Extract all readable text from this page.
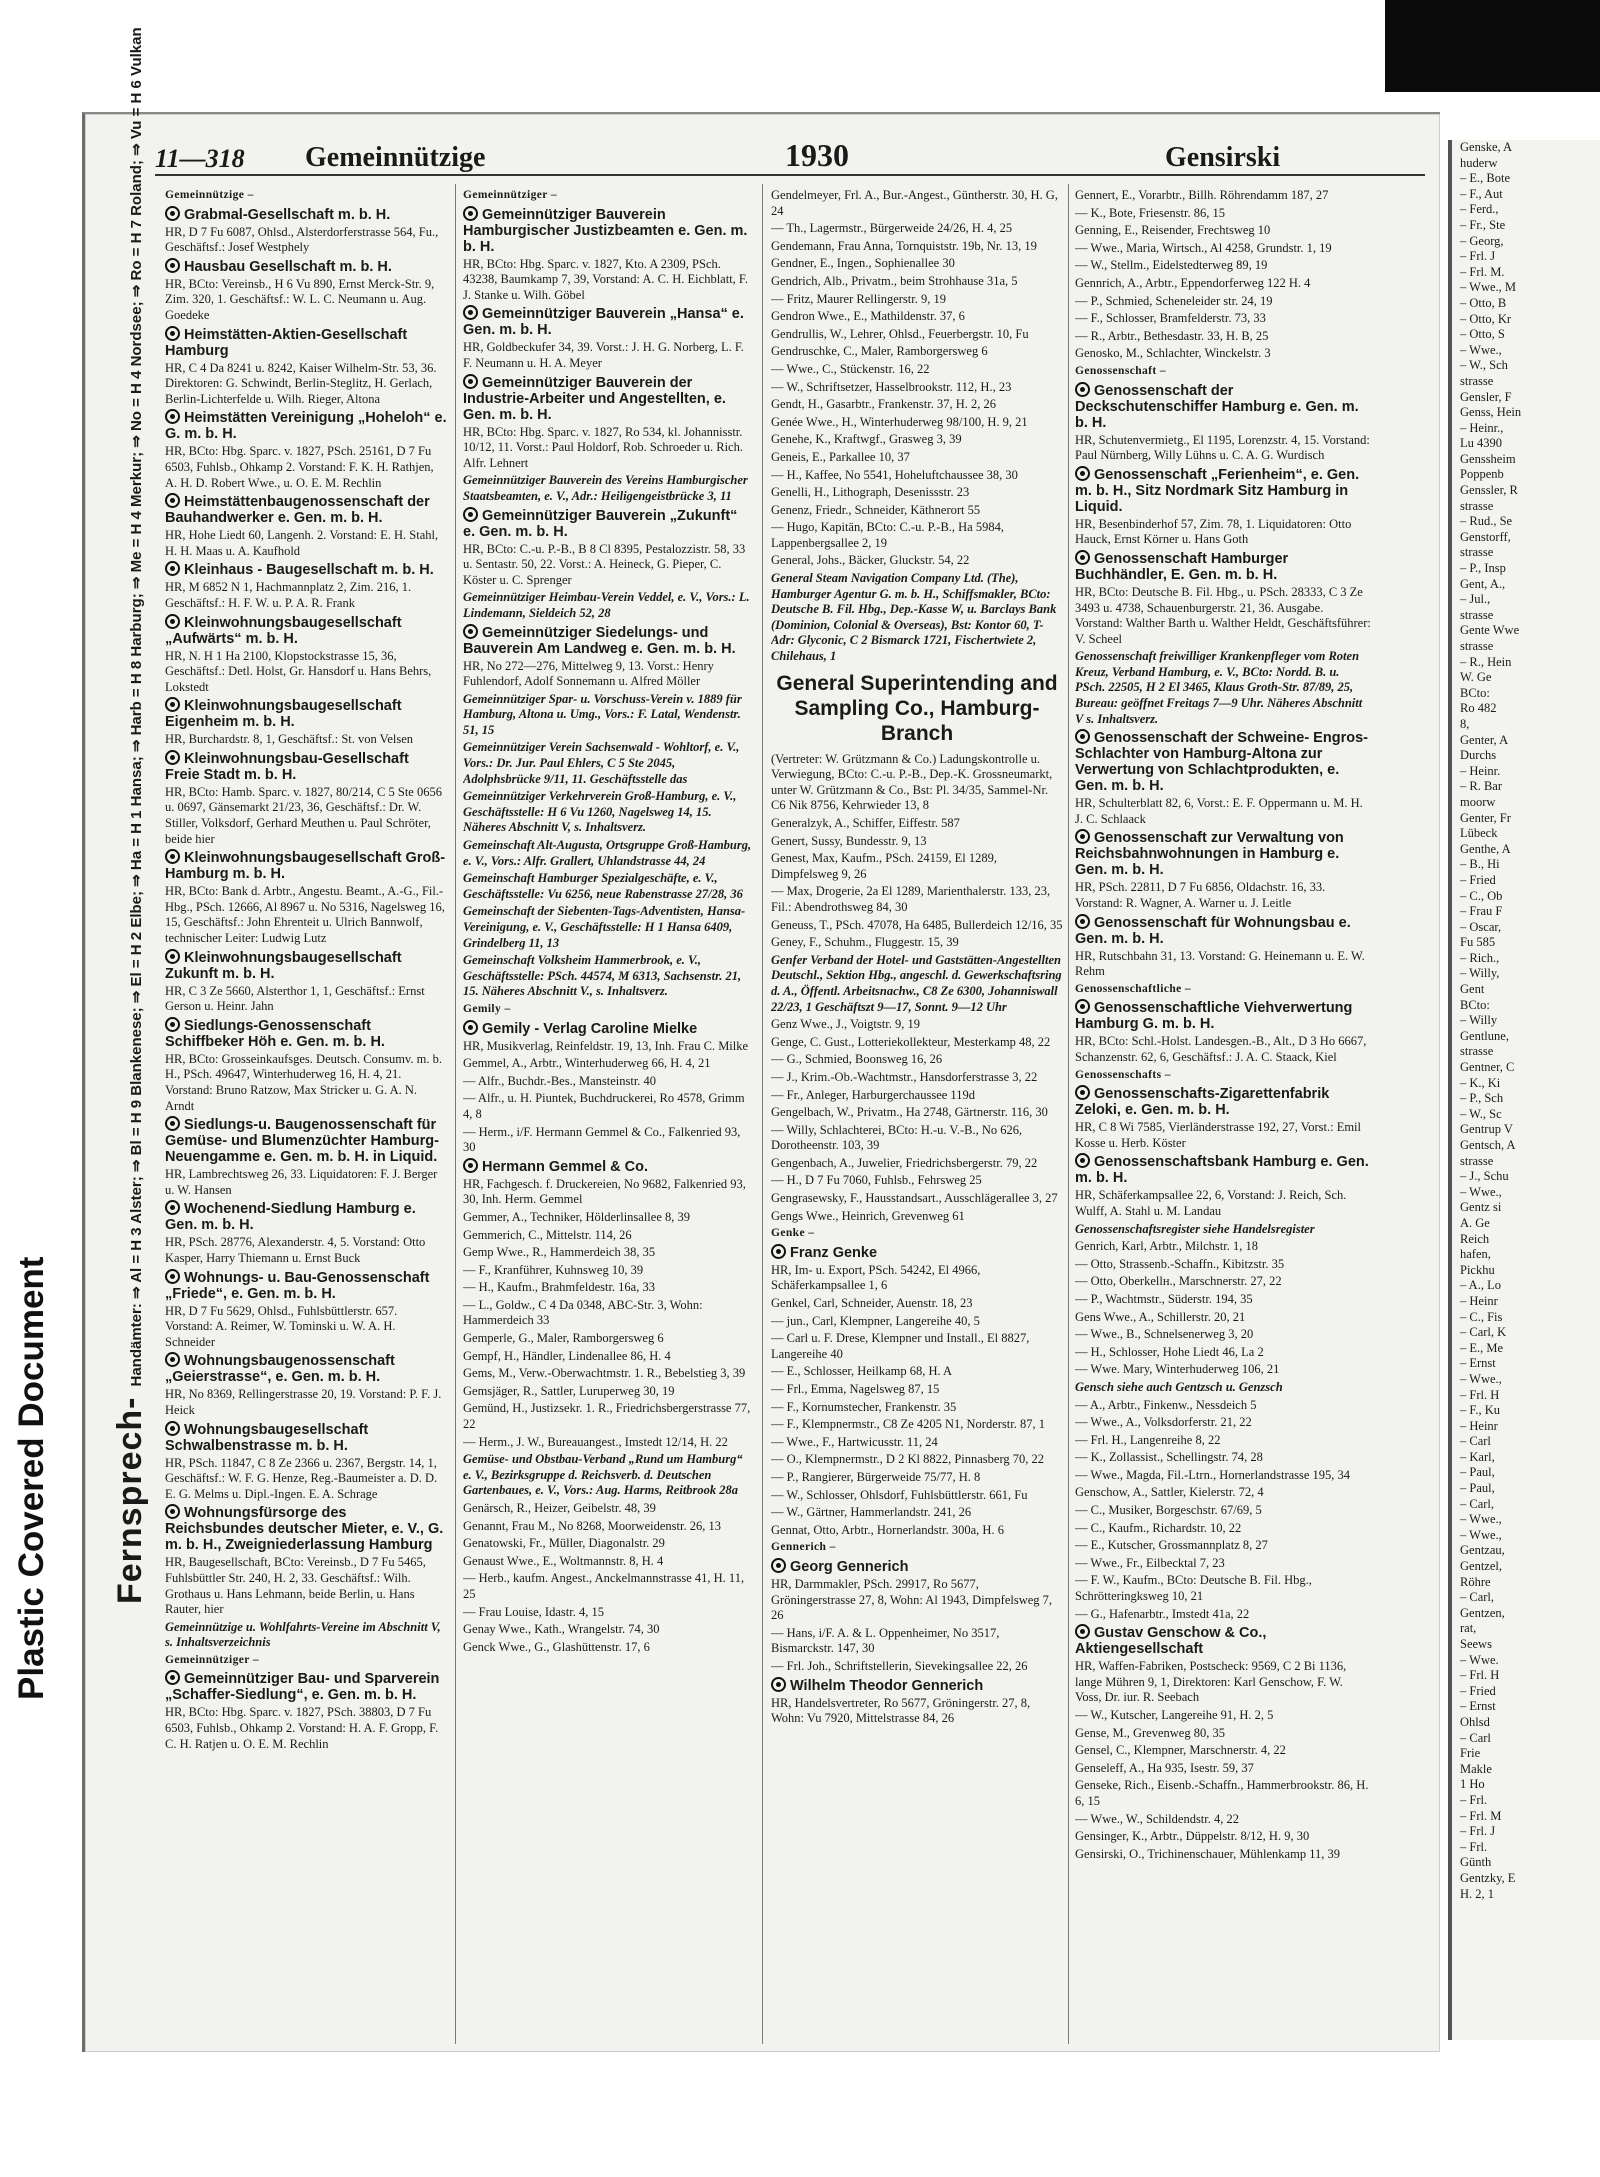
Plastic Covered Document
Genske, A
huderw
– E., Bote
– F., Aut
– Ferd.,
– Fr., Ste
– Georg,
– Frl. J
– Frl. M.
– Wwe., M
– Otto, B
– Otto, Kr
– Otto, S
– Wwe.,
– W., Sch
strasse
Gensler, F
Genss, Hein
– Heinr.,
Lu 4390
Genssheim
Poppenb
Genssler, R
strasse
– Rud., Se
Genstorff,
strasse
– P., Insp
Gent, A.,
– Jul.,
strasse
Gente Wwe
strasse
– R., Hein
W. Ge
BCto:
Ro 482
8,
Genter, A
Durchs
– Heinr.
– R. Bar
moorw
Genter, Fr
Lübeck
Genthe, A
– B., Hi
– Fried
– C., Ob
– Frau F
– Oscar,
Fu 585
– Rich.,
– Willy,
Gent
BCto:
– Willy
Gentlune,
strasse
Gentner, C
– K., Ki
– P., Sch
– W., Sc
Gentrup V
Gentsch, A
strasse
– J., Schu
– Wwe.,
Gentz si
A. Ge
Reich
hafen,
Pickhu
– A., Lo
– Heinr
– C., Fis
– Carl, K
– E., Me
– Ernst
– Wwe.,
– Frl. H
– F., Ku
– Heinr
– Carl
– Karl,
– Paul,
– Paul,
– Carl,
– Wwe.,
– Wwe.,
Gentzau,
Gentzel,
Röhre
– Carl,
Gentzen,
rat,
Seews
– Wwe.
– Frl. H
– Fried
– Ernst
Ohlsd
– Carl
Frie
Makle
1 Ho
– Frl.
– Frl. M
– Frl. J
– Frl.
Günth
Gentzky, E
H. 2, 1
11—318	Gemeinnützige	1930	Gensirski
Fernsprech-Handämter: ⇒ Al = H 3 Alster; ⇒ Bl = H 9 Blankenese; ⇒ El = H 2 Elbe; ⇒ Ha = H 1 Hansa; ⇒ Harb = H 8 Harburg; ⇒ Me = H 4 Merkur; ⇒ No = H 4 Nordsee; ⇒ Ro = H 7 Roland; ⇒ Vu = H 6 Vulkan	Gemeinnützige –
Grabmal-Gesellschaft m. b. H.
HR, D 7 Fu 6087, Ohlsd., Alsterdorferstrasse 564, Fu., Geschäftsf.: Josef Westphely
Hausbau Gesellschaft m. b. H.
HR, BCto: Vereinsb., H 6 Vu 890, Ernst Merck-Str. 9, Zim. 320, 1. Geschäftsf.: W. L. C. Neumann u. Aug. Goedeke
Heimstätten-Aktien-Gesellschaft Hamburg
HR, C 4 Da 8241 u. 8242, Kaiser Wilhelm-Str. 53, 36. Direktoren: G. Schwindt, Berlin-Steglitz, H. Gerlach, Berlin-Lichterfelde u. Wilh. Rieger, Altona
Heimstätten Vereinigung „Hoheloh“ e. G. m. b. H.
HR, BCto: Hbg. Sparc. v. 1827, PSch. 25161, D 7 Fu 6503, Fuhlsb., Ohkamp 2. Vorstand: F. K. H. Rathjen, A. H. D. Robert Wwe., u. O. E. M. Rechlin
Heimstättenbaugenossenschaft der Bauhandwerker e. Gen. m. b. H.
HR, Hohe Liedt 60, Langenh. 2. Vorstand: E. H. Stahl, H. H. Maas u. A. Kaufhold
Kleinhaus - Baugesellschaft m. b. H.
HR, M 6852 N 1, Hachmannplatz 2, Zim. 216, 1. Geschäftsf.: H. F. W. u. P. A. R. Frank
Kleinwohnungsbaugesellschaft „Aufwärts“ m. b. H.
HR, N. H 1 Ha 2100, Klopstockstrasse 15, 36, Geschäftsf.: Detl. Holst, Gr. Hansdorf u. Hans Behrs, Lokstedt
Kleinwohnungsbaugesellschaft Eigenheim m. b. H.
HR, Burchardstr. 8, 1, Geschäftsf.: St. von Velsen
Kleinwohnungsbau-Gesellschaft Freie Stadt m. b. H.
HR, BCto: Hamb. Sparc. v. 1827, 80/214, C 5 Ste 0656 u. 0697, Gänsemarkt 21/23, 36, Geschäftsf.: Dr. W. Stiller, Volksdorf, Gerhard Meuthen u. Paul Schröter, beide hier
Kleinwohnungsbaugesellschaft Groß-Hamburg m. b. H.
HR, BCto: Bank d. Arbtr., Angestu. Beamt., A.-G., Fil.-Hbg., PSch. 12666, Al 8967 u. No 5316, Nagelsweg 16, 15, Geschäftsf.: John Ehrenteit u. Ulrich Bannwolf, technischer Leiter: Ludwig Lutz
Kleinwohnungsbaugesellschaft Zukunft m. b. H.
HR, C 3 Ze 5660, Alsterthor 1, 1, Geschäftsf.: Ernst Gerson u. Heinr. Jahn
Siedlungs-Genossenschaft Schiffbeker Höh e. Gen. m. b. H.
HR, BCto: Grosseinkaufsges. Deutsch. Consumv. m. b. H., PSch. 49647, Winterhuderweg 16, H. 4, 21. Vorstand: Bruno Ratzow, Max Stricker u. G. A. N. Arndt
Siedlungs-u. Baugenossenschaft für Gemüse- und Blumenzüchter Hamburg-Neuengamme e. Gen. m. b. H. in Liquid.
HR, Lambrechtsweg 26, 33. Liquidatoren: F. J. Berger u. W. Hansen
Wochenend-Siedlung Hamburg e. Gen. m. b. H.
HR, PSch. 28776, Alexanderstr. 4, 5. Vorstand: Otto Kasper, Harry Thiemann u. Ernst Buck
Wohnungs- u. Bau-Genossenschaft „Friede“, e. Gen. m. b. H.
HR, D 7 Fu 5629, Ohlsd., Fuhlsbüttlerstr. 657. Vorstand: A. Reimer, W. Tominski u. W. A. H. Schneider
Wohnungsbaugenossenschaft „Geierstrasse“, e. Gen. m. b. H.
HR, No 8369, Rellingerstrasse 20, 19. Vorstand: P. F. J. Heick
Wohnungsbaugesellschaft Schwalbenstrasse m. b. H.
HR, PSch. 11847, C 8 Ze 2366 u. 2367, Bergstr. 14, 1, Geschäftsf.: W. F. G. Henze, Reg.-Baumeister a. D. D. E. G. Melms u. Dipl.-Ingen. E. A. Schrage
Wohnungsfürsorge des Reichsbundes deutscher Mieter, e. V., G. m. b. H., Zweigniederlassung Hamburg
HR, Baugesellschaft, BCto: Vereinsb., D 7 Fu 5465, Fuhlsbüttler Str. 240, H. 2, 33. Geschäftsf.: Wilh. Grothaus u. Hans Lehmann, beide Berlin, u. Hans Rauter, hier
Gemeinnützige u. Wohlfahrts-Vereine im Abschnitt V, s. Inhaltsverzeichnis
Gemeinnütziger –
Gemeinnütziger Bau- und Sparverein „Schaffer-Siedlung“, e. Gen. m. b. H.
HR, BCto: Hbg. Sparc. v. 1827, PSch. 38803, D 7 Fu 6503, Fuhlsb., Ohkamp 2. Vorstand: H. A. F. Gropp, F. C. H. Ratjen u. O. E. M. Rechlin
Gemeinnütziger –
Gemeinnütziger Bauverein Hamburgischer Justizbeamten e. Gen. m. b. H.
HR, BCto: Hbg. Sparc. v. 1827, Kto. A 2309, PSch. 43238, Baumkamp 7, 39, Vorstand: A. C. H. Eichblatt, F. J. Stanke u. Wilh. Göbel
Gemeinnütziger Bauverein „Hansa“ e. Gen. m. b. H.
HR, Goldbeckufer 34, 39. Vorst.: J. H. G. Norberg, L. F. F. Neumann u. H. A. Meyer
Gemeinnütziger Bauverein der Industrie-Arbeiter und Angestellten, e. Gen. m. b. H.
HR, BCto: Hbg. Sparc. v. 1827, Ro 534, kl. Johannisstr. 10/12, 11. Vorst.: Paul Holdorf, Rob. Schroeder u. Rich. Alfr. Lehnert
Gemeinnütziger Bauverein des Vereins Hamburgischer Staatsbeamten, e. V., Adr.: Heiligengeistbrücke 3, 11
Gemeinnütziger Bauverein „Zukunft“ e. Gen. m. b. H.
HR, BCto: C.-u. P.-B., B 8 Cl 8395, Pestalozzistr. 58, 33 u. Sentastr. 50, 22. Vorst.: A. Heineck, G. Pieper, C. Köster u. C. Sprenger
Gemeinnütziger Heimbau-Verein Veddel, e. V., Vors.: L. Lindemann, Sieldeich 52, 28
Gemeinnütziger Siedelungs- und Bauverein Am Landweg e. Gen. m. b. H.
HR, No 272—276, Mittelweg 9, 13. Vorst.: Henry Fuhlendorf, Adolf Sonnemann u. Alfred Möller
Gemeinnütziger Spar- u. Vorschuss-Verein v. 1889 für Hamburg, Altona u. Umg., Vors.: F. Latal, Wendenstr. 51, 15
Gemeinnütziger Verein Sachsenwald - Wohltorf, e. V., Vors.: Dr. Jur. Paul Ehlers, C 5 Ste 2045, Adolphsbrücke 9/11, 11. Geschäftsstelle das
Gemeinnütziger Verkehrverein Groß-Hamburg, e. V., Geschäftsstelle: H 6 Vu 1260, Nagelsweg 14, 15. Näheres Abschnitt V, s. Inhaltsverz.
Gemeinschaft Alt-Augusta, Ortsgruppe Groß-Hamburg, e. V., Vors.: Alfr. Grallert, Uhlandstrasse 44, 24
Gemeinschaft Hamburger Spezialgeschäfte, e. V., Geschäftsstelle: Vu 6256, neue Rabenstrasse 27/28, 36
Gemeinschaft der Siebenten-Tags-Adventisten, Hansa-Vereinigung, e. V., Geschäftsstelle: H 1 Hansa 6409, Grindelberg 11, 13
Gemeinschaft Volksheim Hammerbrook, e. V., Geschäftsstelle: PSch. 44574, M 6313, Sachsenstr. 21, 15. Näheres Abschnitt V., s. Inhaltsverz.
Gemily –
Gemily - Verlag Caroline Mielke
HR, Musikverlag, Reinfeldstr. 19, 13, Inh. Frau C. Milke
Gemmel, A., Arbtr., Winterhuderweg 66, H. 4, 21
— Alfr., Buchdr.-Bes., Mansteinstr. 40
— Alfr., u. H. Piuntek, Buchdruckerei, Ro 4578, Grimm 4, 8
— Herm., i/F. Hermann Gemmel & Co., Falkenried 93, 30
Hermann Gemmel & Co.
HR, Fachgesch. f. Druckereien, No 9682, Falkenried 93, 30, Inh. Herm. Gemmel
Gemmer, A., Techniker, Hölderlinsallee 8, 39
Gemmerich, C., Mittelstr. 114, 26
Gemp Wwe., R., Hammerdeich 38, 35
— F., Kranführer, Kuhnsweg 10, 39
— H., Kaufm., Brahmfeldestr. 16a, 33
— L., Goldw., C 4 Da 0348, ABC-Str. 3, Wohn: Hammerdeich 33
Gemperle, G., Maler, Ramborgersweg 6
Gempf, H., Händler, Lindenallee 86, H. 4
Gems, M., Verw.-Oberwachtmstr. 1. R., Bebelstieg 3, 39
Gemsjäger, R., Sattler, Luruperweg 30, 19
Gemünd, H., Justizsekr. 1. R., Friedrichsbergerstrasse 77, 22
— Herm., J. W., Bureauangest., Imstedt 12/14, H. 22
Gemüse- und Obstbau-Verband „Rund um Hamburg“ e. V., Bezirksgruppe d. Reichsverb. d. Deutschen Gartenbaues, e. V., Vors.: Aug. Harms, Reitbrook 28a
Genärsch, R., Heizer, Geibelstr. 48, 39
Genannt, Frau M., No 8268, Moorweidenstr. 26, 13
Genatowski, Fr., Müller, Diagonalstr. 29
Genaust Wwe., E., Woltmannstr. 8, H. 4
— Herb., kaufm. Angest., Anckelmannstrasse 41, H. 11, 25
— Frau Louise, Idastr. 4, 15
Genay Wwe., Kath., Wrangelstr. 74, 30
Genck Wwe., G., Glashüttenstr. 17, 6
Gendelmeyer, Frl. A., Bur.-Angest., Güntherstr. 30, H. G, 24
— Th., Lagermstr., Bürgerweide 24/26, H. 4, 25
Gendemann, Frau Anna, Tornquiststr. 19b, Nr. 13, 19
Gendner, E., Ingen., Sophienallee 30
Gendrich, Alb., Privatm., beim Strohhause 31a, 5
— Fritz, Maurer Rellingerstr. 9, 19
Gendron Wwe., E., Mathildenstr. 37, 6
Gendrullis, W., Lehrer, Ohlsd., Feuerbergstr. 10, Fu
Gendruschke, C., Maler, Ramborgersweg 6
— Wwe., C., Stückenstr. 16, 22
— W., Schriftsetzer, Hasselbrookstr. 112, H., 23
Gendt, H., Gasarbtr., Frankenstr. 37, H. 2, 26
Genée Wwe., H., Winterhuderweg 98/100, H. 9, 21
Genehe, K., Kraftwgf., Grasweg 3, 39
Geneis, E., Parkallee 10, 37
— H., Kaffee, No 5541, Hoheluftchaussee 38, 30
Genelli, H., Lithograph, Desenissstr. 23
Genenz, Friedr., Schneider, Käthnerort 55
— Hugo, Kapitän, BCto: C.-u. P.-B., Ha 5984, Lappenbergsallee 2, 19
General, Johs., Bäcker, Gluckstr. 54, 22
General Steam Navigation Company Ltd. (The), Hamburger Agentur G. m. b. H., Schiffsmakler, BCto: Deutsche B. Fil. Hbg., Dep.-Kasse W, u. Barclays Bank (Dominion, Colonial & Overseas), Bst: Kontor 60, T-Adr: Glyconic, C 2 Bismarck 1721, Fischertwiete 2, Chilehaus, 1
General Superintending and Sampling Co., Hamburg-Branch
(Vertreter: W. Grützmann & Co.) Ladungskontrolle u. Verwiegung, BCto: C.-u. P.-B., Dep.-K. Grossneumarkt, unter W. Grützmann & Co., Bst: Pl. 34/35, Sammel-Nr. C6 Nik 8756, Kehrwieder 13, 8
Generalzyk, A., Schiffer, Eiffestr. 587
Genert, Sussy, Bundesstr. 9, 13
Genest, Max, Kaufm., PSch. 24159, El 1289, Dimpfelsweg 9, 26
— Max, Drogerie, 2a El 1289, Marienthalerstr. 133, 23, Fil.: Abendrothsweg 84, 30
Geneuss, T., PSch. 47078, Ha 6485, Bullerdeich 12/16, 35
Geney, F., Schuhm., Fluggestr. 15, 39
Genfer Verband der Hotel- und Gaststätten-Angestellten Deutschl., Sektion Hbg., angeschl. d. Gewerkschaftsring d. A., Öffentl. Arbeitsnachw., C8 Ze 6300, Johanniswall 22/23, 1 Geschäftszt 9—17, Sonnt. 9—12 Uhr
Genz Wwe., J., Voigtstr. 9, 19
Genge, C. Gust., Lotteriekollekteur, Mesterkamp 48, 22
— G., Schmied, Boonsweg 16, 26
— J., Krim.-Ob.-Wachtmstr., Hansdorferstrasse 3, 22
— Fr., Anleger, Harburgerchaussee 119d
Gengelbach, W., Privatm., Ha 2748, Gärtnerstr. 116, 30
— Willy, Schlachterei, BCto: H.-u. V.-B., No 626, Dorotheenstr. 103, 39
Gengenbach, A., Juwelier, Friedrichsbergerstr. 79, 22
— H., D 7 Fu 7060, Fuhlsb., Fehrsweg 25
Gengrasewsky, F., Hausstandsart., Ausschlägerallee 3, 27
Gengs Wwe., Heinrich, Grevenweg 61
Genke –
Franz Genke
HR, Im- u. Export, PSch. 54242, El 4966, Schäferkampsallee 1, 6
Genkel, Carl, Schneider, Auenstr. 18, 23
— jun., Carl, Klempner, Langereihe 40, 5
— Carl u. F. Drese, Klempner und Install., El 8827, Langereihe 40
— E., Schlosser, Heilkamp 68, H. A
— Frl., Emma, Nagelsweg 87, 15
— F., Kornumstecher, Frankenstr. 35
— F., Klempnermstr., C8 Ze 4205 N1, Norderstr. 87, 1
— Wwe., F., Hartwicusstr. 11, 24
— O., Klempnermstr., D 2 Kl 8822, Pinnasberg 70, 22
— P., Rangierer, Bürgerweide 75/77, H. 8
— W., Schlosser, Ohlsdorf, Fuhlsbüttlerstr. 661, Fu
— W., Gärtner, Hammerlandstr. 241, 26
Gennat, Otto, Arbtr., Hornerlandstr. 300a, H. 6
Gennerich –
Georg Gennerich
HR, Darmmakler, PSch. 29917, Ro 5677, Gröningerstrasse 27, 8, Wohn: Al 1943, Dimpfelsweg 7, 26
— Hans, i/F. A. & L. Oppenheimer, No 3517, Bismarckstr. 147, 30
— Frl. Joh., Schriftstellerin, Sievekingsallee 22, 26
Wilhelm Theodor Gennerich
HR, Handelsvertreter, Ro 5677, Gröningerstr. 27, 8, Wohn: Vu 7920, Mittelstrasse 84, 26
Gennert, E., Vorarbtr., Billh. Röhrendamm 187, 27
— K., Bote, Friesenstr. 86, 15
Genning, E., Reisender, Frechtsweg 10
— Wwe., Maria, Wirtsch., Al 4258, Grundstr. 1, 19
— W., Stellm., Eidelstedterweg 89, 19
Gennrich, A., Arbtr., Eppendorferweg 122 H. 4
— P., Schmied, Scheneleider str. 24, 19
— F., Schlosser, Bramfelderstr. 73, 33
— R., Arbtr., Bethesdastr. 33, H. B, 25
Genosko, M., Schlachter, Winckelstr. 3
Genossenschaft –
Genossenschaft der Deckschutenschiffer Hamburg e. Gen. m. b. H.
HR, Schutenvermietg., El 1195, Lorenzstr. 4, 15. Vorstand: Paul Nürnberg, Willy Lühns u. C. A. G. Wurdisch
Genossenschaft „Ferienheim“, e. Gen. m. b. H., Sitz Nordmark Sitz Hamburg in Liquid.
HR, Besenbinderhof 57, Zim. 78, 1. Liquidatoren: Otto Hauck, Ernst Körner u. Hans Goth
Genossenschaft Hamburger Buchhändler, E. Gen. m. b. H.
HR, BCto: Deutsche B. Fil. Hbg., u. PSch. 28333, C 3 Ze 3493 u. 4738, Schauenburgerstr. 21, 36. Ausgabe. Vorstand: Walther Barth u. Walther Heldt, Geschäftsführer: V. Scheel
Genossenschaft freiwilliger Krankenpfleger vom Roten Kreuz, Verband Hamburg, e. V., BCto: Nordd. B. u. PSch. 22505, H 2 El 3465, Klaus Groth-Str. 87/89, 25, Bureau: geöffnet Freitags 7—9 Uhr. Näheres Abschnitt V s. Inhaltsverz.
Genossenschaft der Schweine- Engros- Schlachter von Hamburg-Altona zur Verwertung von Schlachtprodukten, e. Gen. m. b. H.
HR, Schulterblatt 82, 6, Vorst.: E. F. Oppermann u. M. H. J. C. Schlaack
Genossenschaft zur Verwaltung von Reichsbahnwohnungen in Hamburg e. Gen. m. b. H.
HR, PSch. 22811, D 7 Fu 6856, Oldachstr. 16, 33. Vorstand: R. Wagner, A. Warner u. J. Leitle
Genossenschaft für Wohnungsbau e. Gen. m. b. H.
HR, Rutschbahn 31, 13. Vorstand: G. Heinemann u. E. W. Rehm
Genossenschaftliche –
Genossenschaftliche Viehverwertung Hamburg G. m. b. H.
HR, BCto: Schl.-Holst. Landesgen.-B., Alt., D 3 Ho 6667, Schanzenstr. 62, 6, Geschäftsf.: J. A. C. Staack, Kiel
Genossenschafts –
Genossenschafts-Zigarettenfabrik Zeloki, e. Gen. m. b. H.
HR, C 8 Wi 7585, Vierländerstrasse 192, 27, Vorst.: Emil Kosse u. Herb. Köster
Genossenschaftsbank Hamburg e. Gen. m. b. H.
HR, Schäferkampsallee 22, 6, Vorstand: J. Reich, Sch. Wulff, A. Stahl u. M. Landau
Genossenschaftsregister siehe Handelsregister
Genrich, Karl, Arbtr., Milchstr. 1, 18
— Otto, Strassenb.-Schaffn., Kibitzstr. 35
— Otto, Oberkellн., Marschnerstr. 27, 22
— P., Wachtmstr., Süderstr. 194, 35
Gens Wwe., A., Schillerstr. 20, 21
— Wwe., B., Schnelsenerweg 3, 20
— H., Schlosser, Hohe Liedt 46, La 2
— Wwe. Mary, Winterhuderweg 106, 21
Gensch siehe auch Gentzsch u. Genzsch
— A., Arbtr., Finkenw., Nessdeich 5
— Wwe., A., Volksdorferstr. 21, 22
— Frl. H., Langenreihe 8, 22
— K., Zollassist., Schellingstr. 74, 28
— Wwe., Magda, Fil.-Ltrn., Hornerlandstrasse 195, 34
Genschow, A., Sattler, Kielerstr. 72, 4
— C., Musiker, Borgeschstr. 67/69, 5
— C., Kaufm., Richardstr. 10, 22
— E., Kutscher, Grossmannplatz 8, 27
— Wwe., Fr., Eilbecktal 7, 23
— F. W., Kaufm., BCto: Deutsche B. Fil. Hbg., Schrötteringksweg 10, 21
— G., Hafenarbtr., Imstedt 41a, 22
Gustav Genschow & Co., Aktiengesellschaft
HR, Waffen-Fabriken, Postscheck: 9569, C 2 Bi 1136, lange Mühren 9, 1, Direktoren: Karl Genschow, F. W. Voss, Dr. iur. R. Seebach
— W., Kutscher, Langereihe 91, H. 2, 5
Gense, M., Grevenweg 80, 35
Gensel, C., Klempner, Marschnerstr. 4, 22
Genseleff, A., Ha 935, Isestr. 59, 37
Genseke, Rich., Eisenb.-Schaffn., Hammerbrookstr. 86, H. 6, 15
— Wwe., W., Schildendstr. 4, 22
Gensinger, K., Arbtr., Düppelstr. 8/12, H. 9, 30
Gensirski, O., Trichinenschauer, Mühlenkamp 11, 39
